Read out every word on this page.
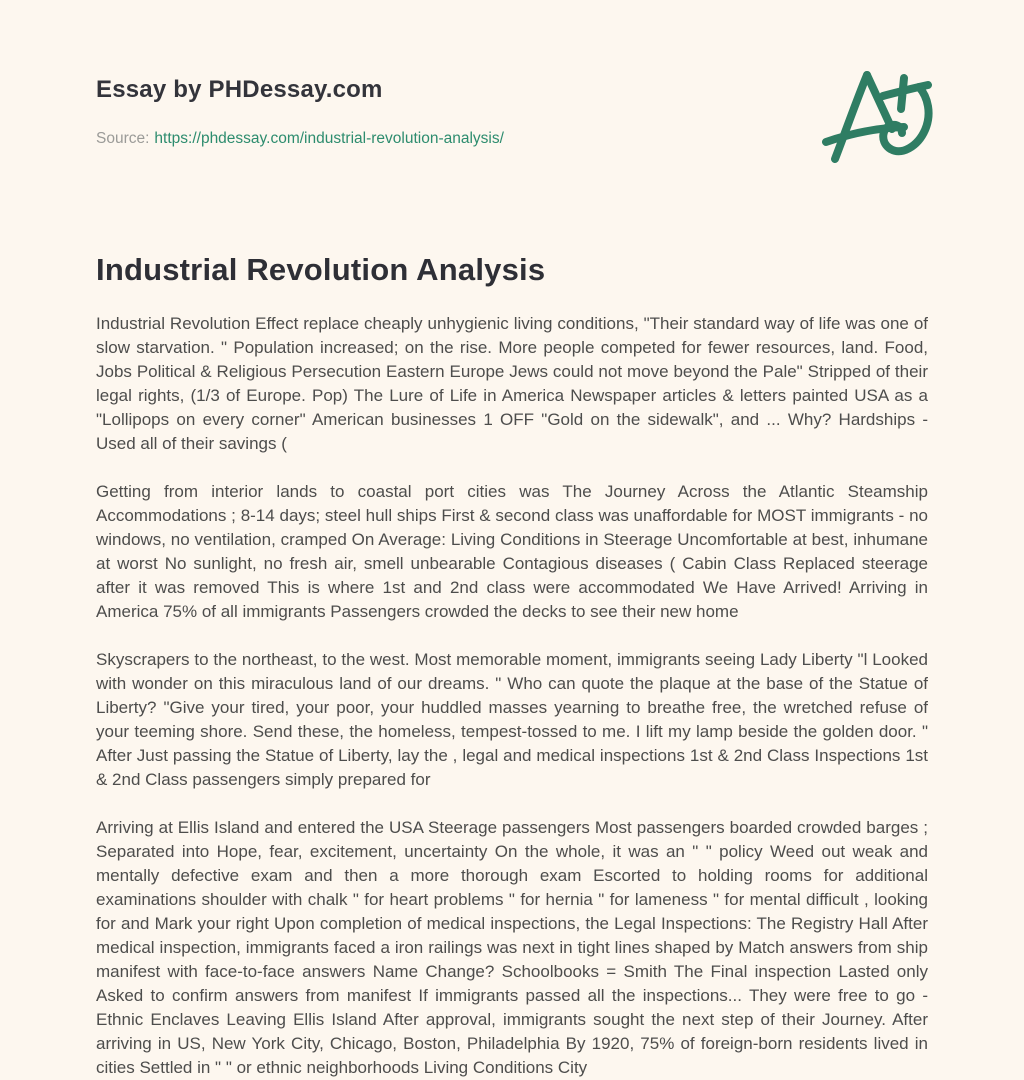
Essay by PHDessay.com
Source: https://phdessay.com/industrial-revolution-analysis/
Industrial Revolution Analysis

Industrial Revolution Effect replace cheaply unhygienic living conditions, "Their standard way of life was one of slow starvation. " Population increased; on the rise. More people competed for fewer resources, land. Food, Jobs Political & Religious Persecution Eastern Europe Jews could not move beyond the Pale" Stripped of their legal rights, (1/3 of Europe. Pop) The Lure of Life in America Newspaper articles & letters painted USA as a "Lollipops on every corner" American businesses 1 OFF "Gold on the sidewalk", and ... Why? Hardships - Used all of their savings (

Getting from interior lands to coastal port cities was The Journey Across the Atlantic Steamship Accommodations ; 8-14 days; steel hull ships First & second class was unaffordable for MOST immigrants - no windows, no ventilation, cramped On Average: Living Conditions in Steerage Uncomfortable at best, inhumane at worst No sunlight, no fresh air, smell unbearable Contagious diseases ( Cabin Class Replaced steerage after it was removed This is where 1st and 2nd class were accommodated We Have Arrived! Arriving in America 75% of all immigrants Passengers crowded the decks to see their new home

Skyscrapers to the northeast, to the west. Most memorable moment, immigrants seeing Lady Liberty "l Looked with wonder on this miraculous land of our dreams. " Who can quote the plaque at the base of the Statue of Liberty? "Give your tired, your poor, your huddled masses yearning to breathe free, the wretched refuse of your teeming shore. Send these, the homeless, tempest-tossed to me. I lift my lamp beside the golden door. " After Just passing the Statue of Liberty, lay the , legal and medical inspections 1st & 2nd Class Inspections 1st & 2nd Class passengers simply prepared for

Arriving at Ellis Island and entered the USA Steerage passengers Most passengers boarded crowded barges ; Separated into Hope, fear, excitement, uncertainty On the whole, it was an " " policy Weed out weak and mentally defective exam and then a more thorough exam Escorted to holding rooms for additional examinations shoulder with chalk " for heart problems " for hernia " for lameness " for mental difficult , looking for and Mark your right Upon completion of medical inspections, the Legal Inspections: The Registry Hall After medical inspection, immigrants faced a iron railings was next in tight lines shaped by Match answers from ship manifest with face-to-face answers Name Change? Schoolbooks = Smith The Final inspection Lasted only Asked to confirm answers from manifest If immigrants passed all the inspections... They were free to go - Ethnic Enclaves Leaving Ellis Island After approval, immigrants sought the next step of their Journey. After arriving in US, New York City, Chicago, Boston, Philadelphia By 1920, 75% of foreign-born residents lived in cities Settled in " " or ethnic neighborhoods Living Conditions City
